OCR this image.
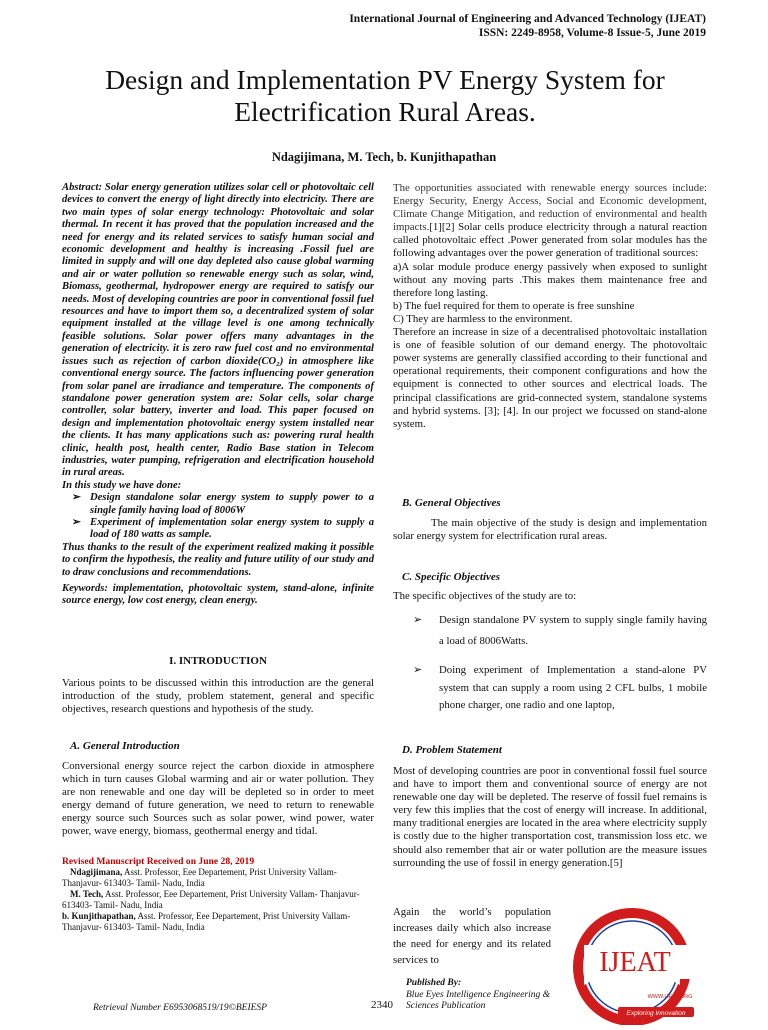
International Journal of Engineering and Advanced Technology (IJEAT)
ISSN: 2249-8958, Volume-8 Issue-5, June 2019
Design and Implementation PV Energy System for
Electrification Rural Areas.
Ndagijimana, M. Tech, b. Kunjithapathan

Abstract: Solar energy generation utilizes solar cell or photovoltaic cell devices to convert the energy of light directly into electricity. There are two main types of solar energy technology: Photovoltaic and solar thermal. In recent it has proved that the population increased and the need for energy and its related services to satisfy human social and economic development and healthy is increasing .Fossil fuel are limited in supply and will one day depleted also cause global warming and air or water pollution so renewable energy such as solar, wind, Biomass, geothermal, hydropower energy are required to satisfy our needs. Most of developing countries are poor in conventional fossil fuel resources and have to import them so, a decentralized system of solar equipment installed at the village level is one among technically feasible solutions. Solar power offers many advantages in the generation of electricity. it is zero raw fuel cost and no environmental issues such as rejection of carbon dioxide(CO₂) in atmosphere like conventional energy source. The factors influencing power generation from solar panel are irradiance and temperature. The components of standalone power generation system are: Solar cells, solar charge controller, solar battery, inverter and load. This paper focused on design and implementation photovoltaic energy system installed near the clients. It has many applications such as: powering rural health clinic, health post, health center, Radio Base station in Telecom industries, water pumping, refrigeration and electrification household in rural areas.

In this study we have done:

➢ Design standalone solar energy system to supply power to a single family having load of 8006W

➢ Experiment of implementation solar energy system to supply a load of 180 watts as sample.

Thus thanks to the result of the experiment realized making it possible to confirm the hypothesis, the reality and future utility of our study and to draw conclusions and recommendations.

Keywords: implementation, photovoltaic system, stand-alone, infinite source energy, low cost energy, clean energy.

I. INTRODUCTION
Various points to be discussed within this introduction are the general introduction of the study, problem statement, general and specific objectives, research questions and hypothesis of the study.
A. General Introduction
Conversional energy source reject the carbon dioxide in atmosphere which in turn causes Global warming and air or water pollution. They are non renewable and one day will be depleted so in order to meet energy demand of future generation, we need to return to renewable energy source such Sources such as solar power, wind power, water power, wave energy, biomass, geothermal energy and tidal.
Revised Manuscript Received on June 28, 2019
Ndagijimana, Asst. Professor, Eee Departement, Prist University Vallam- Thanjavur- 613403- Tamil- Nadu, India
M. Tech, Asst. Professor, Eee Departement, Prist University Vallam- Thanjavur- 613403- Tamil- Nadu, India
b. Kunjithapathan, Asst. Professor, Eee Departement, Prist University Vallam- Thanjavur- 613403- Tamil- Nadu, India

The opportunities associated with renewable energy sources include: Energy Security, Energy Access, Social and Economic development, Climate Change Mitigation, and reduction of environmental and health impacts.[1][2] Solar cells produce electricity through a natural reaction called photovoltaic effect .Power generated from solar modules has the following advantages over the power generation of traditional sources:

a)A solar module produce energy passively when exposed to sunlight without any moving parts .This makes them maintenance free and therefore long lasting.

b) The fuel required for them to operate is free sunshine

C) They are harmless to the environment.

Therefore an increase in size of a decentralised photovoltaic installation is one of feasible solution of our demand energy. The photovoltaic power systems are generally classified according to their functional and operational requirements, their component configurations and how the equipment is connected to other sources and electrical loads. The principal classifications are grid-connected system, standalone systems and hybrid systems. [3]; [4]. In our project we focussed on stand-alone system.

B. General Objectives
The main objective of the study is design and implementation solar energy system for electrification rural areas.
C. Specific Objectives
The specific objectives of the study are to:
➢	Design standalone PV system to supply single family having a load of 8006Watts.
➢	Doing experiment of Implementation a stand-alone PV system that can supply a room using 2 CFL bulbs, 1 mobile phone charger, one radio and one laptop,
D. Problem Statement
Most of developing countries are poor in conventional fossil fuel source and have to import them and conventional source of energy are not renewable one day will be depleted. The reserve of fossil fuel remains is very few this implies that the cost of energy will increase. In additional, many traditional energies are located in the area where electricity supply is costly due to the higher transportation cost, transmission loss etc. we should also remember that air or water pollution are the measure issues surrounding the use of fossil in energy generation.[5]
Again the world’s population increases daily which also increase the need for energy and its related services to	IJEAT
WWW.IJEAT.ORG
Exploring Innovation
Retrieval Number E6953068519/19©BEIESP	2340
Published By:
Blue Eyes Intelligence Engineering &
Sciences Publication
